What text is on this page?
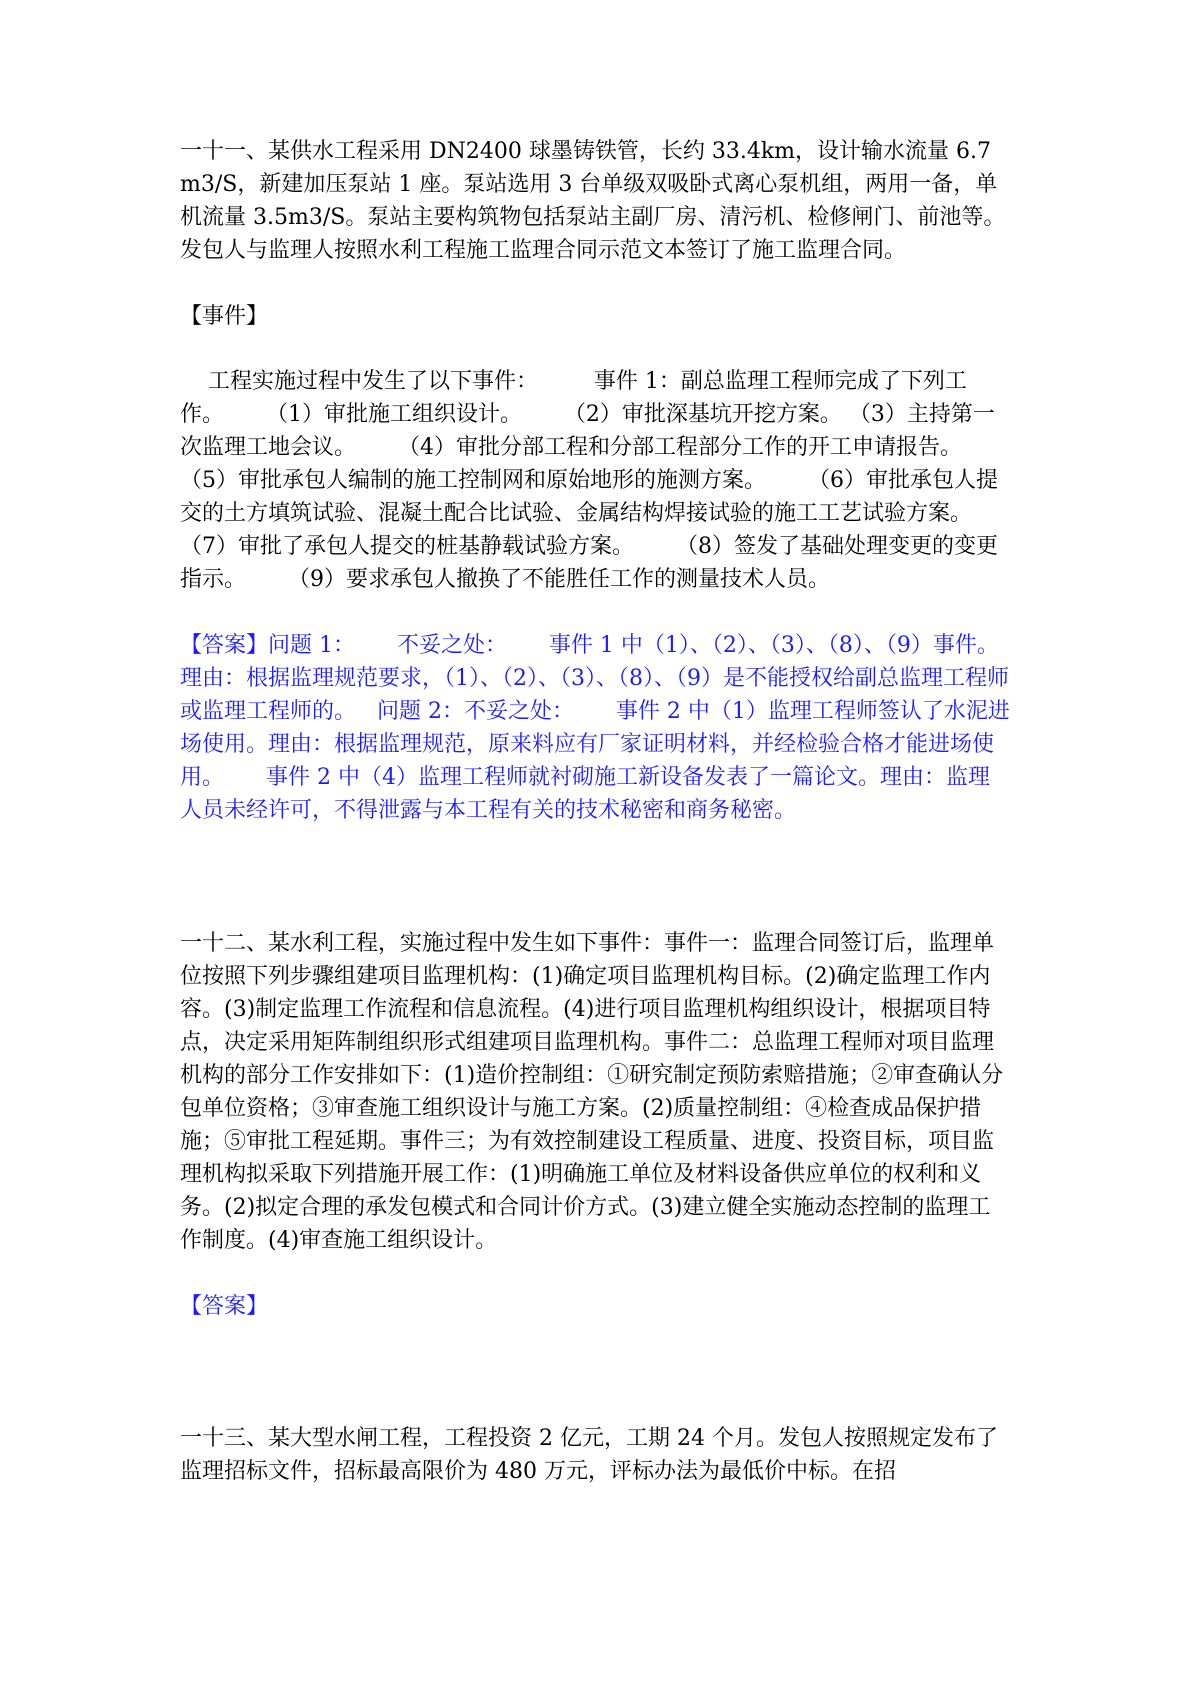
一十一、某供水工程采用 DN2400 球墨铸铁管，长约 33.4km，设计输水流量 6.7m3/S，新建加压泵站 1 座。泵站选用 3 台单级双吸卧式离心泵机组，两用一备，单机流量 3.5m3/S。泵站主要构筑物包括泵站主副厂房、清污机、检修闸门、前池等。发包人与监理人按照水利工程施工监理合同示范文本签订了施工监理合同。

【事件】

工程实施过程中发生了以下事件：        事件 1：副总监理工程师完成了下列工作。      （1）审批施工组织设计。      （2）审批深基坑开挖方案。 （3）主持第一次监理工地会议。      （4）审批分部工程和分部工程部分工作的开工申请报告。      （5）审批承包人编制的施工控制网和原始地形的施测方案。      （6）审批承包人提交的土方填筑试验、混凝土配合比试验、金属结构焊接试验的施工工艺试验方案。      （7）审批了承包人提交的桩基静载试验方案。      （8）签发了基础处理变更的变更指示。      （9）要求承包人撤换了不能胜任工作的测量技术人员。

【答案】问题 1：      不妥之处：      事件 1 中（1）、（2）、（3）、（8）、（9）事件。      理由：根据监理规范要求，（1）、（2）、（3）、（8）、（9）是不能授权给副总监理工程师或监理工程师的。   问题 2：不妥之处：      事件 2 中（1）监理工程师签认了水泥进场使用。理由：根据监理规范，原来料应有厂家证明材料，并经检验合格才能进场使用。      事件 2 中（4）监理工程师就衬砌施工新设备发表了一篇论文。理由：监理人员未经许可，不得泄露与本工程有关的技术秘密和商务秘密。

一十二、某水利工程，实施过程中发生如下事件：事件一：监理合同签订后，监理单位按照下列步骤组建项目监理机构：(1)确定项目监理机构目标。(2)确定监理工作内容。(3)制定监理工作流程和信息流程。(4)进行项目监理机构组织设计，根据项目特点，决定采用矩阵制组织形式组建项目监理机构。事件二：总监理工程师对项目监理机构的部分工作安排如下：(1)造价控制组：①研究制定预防索赔措施；②审查确认分包单位资格；③审查施工组织设计与施工方案。(2)质量控制组：④检查成品保护措施；⑤审批工程延期。事件三；为有效控制建设工程质量、进度、投资目标，项目监理机构拟采取下列措施开展工作：(1)明确施工单位及材料设备供应单位的权利和义务。(2)拟定合理的承发包模式和合同计价方式。(3)建立健全实施动态控制的监理工作制度。(4)审查施工组织设计。

【答案】

一十三、某大型水闸工程，工程投资 2 亿元，工期 24 个月。发包人按照规定发布了监理招标文件，招标最高限价为 480 万元，评标办法为最低价中标。在招
